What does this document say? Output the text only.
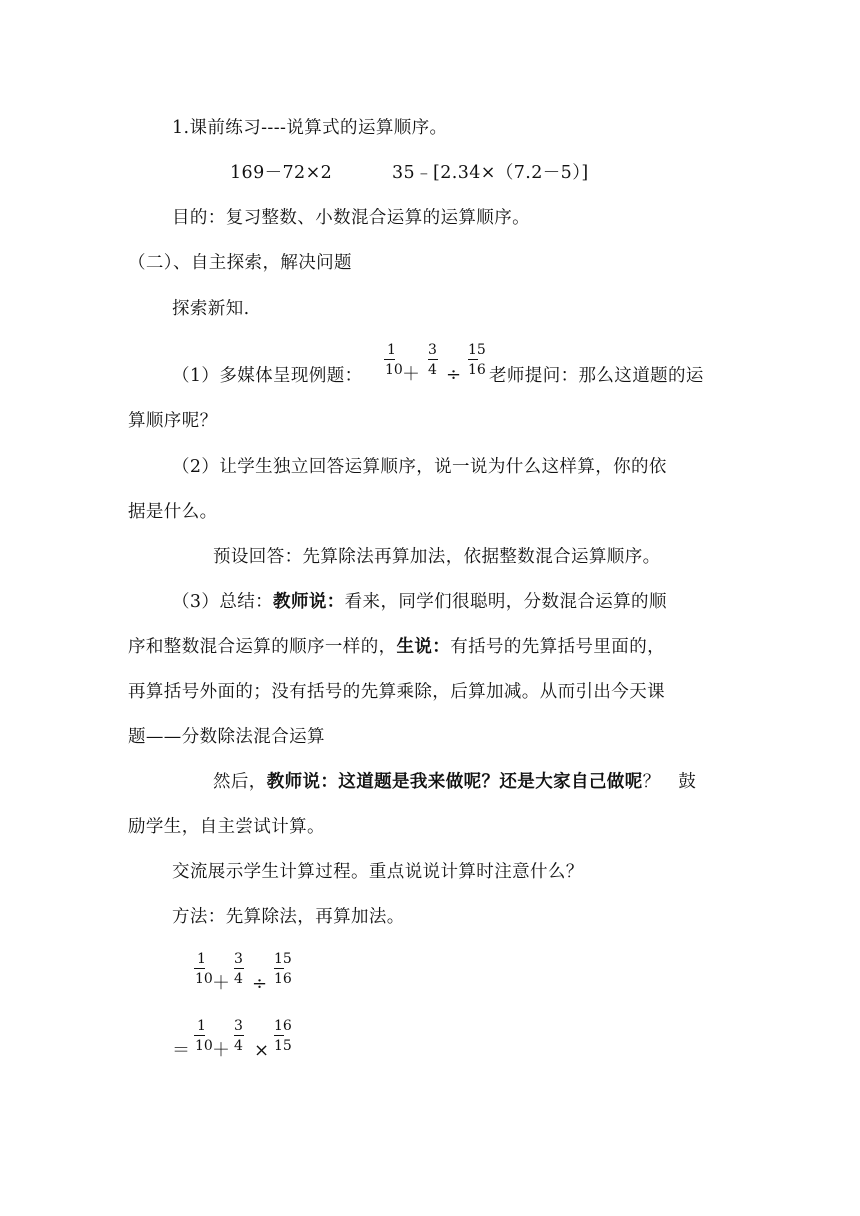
1.课前练习----说算式的运算顺序。
169－72×2	35﹣[2.34×（7.2－5）]
目的：复习整数、小数混合运算的运算顺序。
（二）、自主探索，解决问题
探索新知.
（1）多媒体呈现例题：
1
10 ＋
3
4 ÷
15
16 老师提问：那么这道题的运
算顺序呢？
（2）让学生独立回答运算顺序，说一说为什么这样算，你的依
据是什么。
预设回答：先算除法再算加法，依据整数混合运算顺序。
（3）总结：教师说：看来，同学们很聪明，分数混合运算的顺
序和整数混合运算的顺序一样的，生说：有括号的先算括号里面的，
再算括号外面的；没有括号的先算乘除，后算加减。从而引出今天课
题——分数除法混合运算
然后，教师说：这道题是我来做呢？还是大家自己做呢？　鼓
励学生，自主尝试计算。
交流展示学生计算过程。重点说说计算时注意什么？
方法：先算除法，再算加法。
1
10 ＋
3
4 ÷
15
16
＝
1
10 ＋
3
4 ×
16
15
